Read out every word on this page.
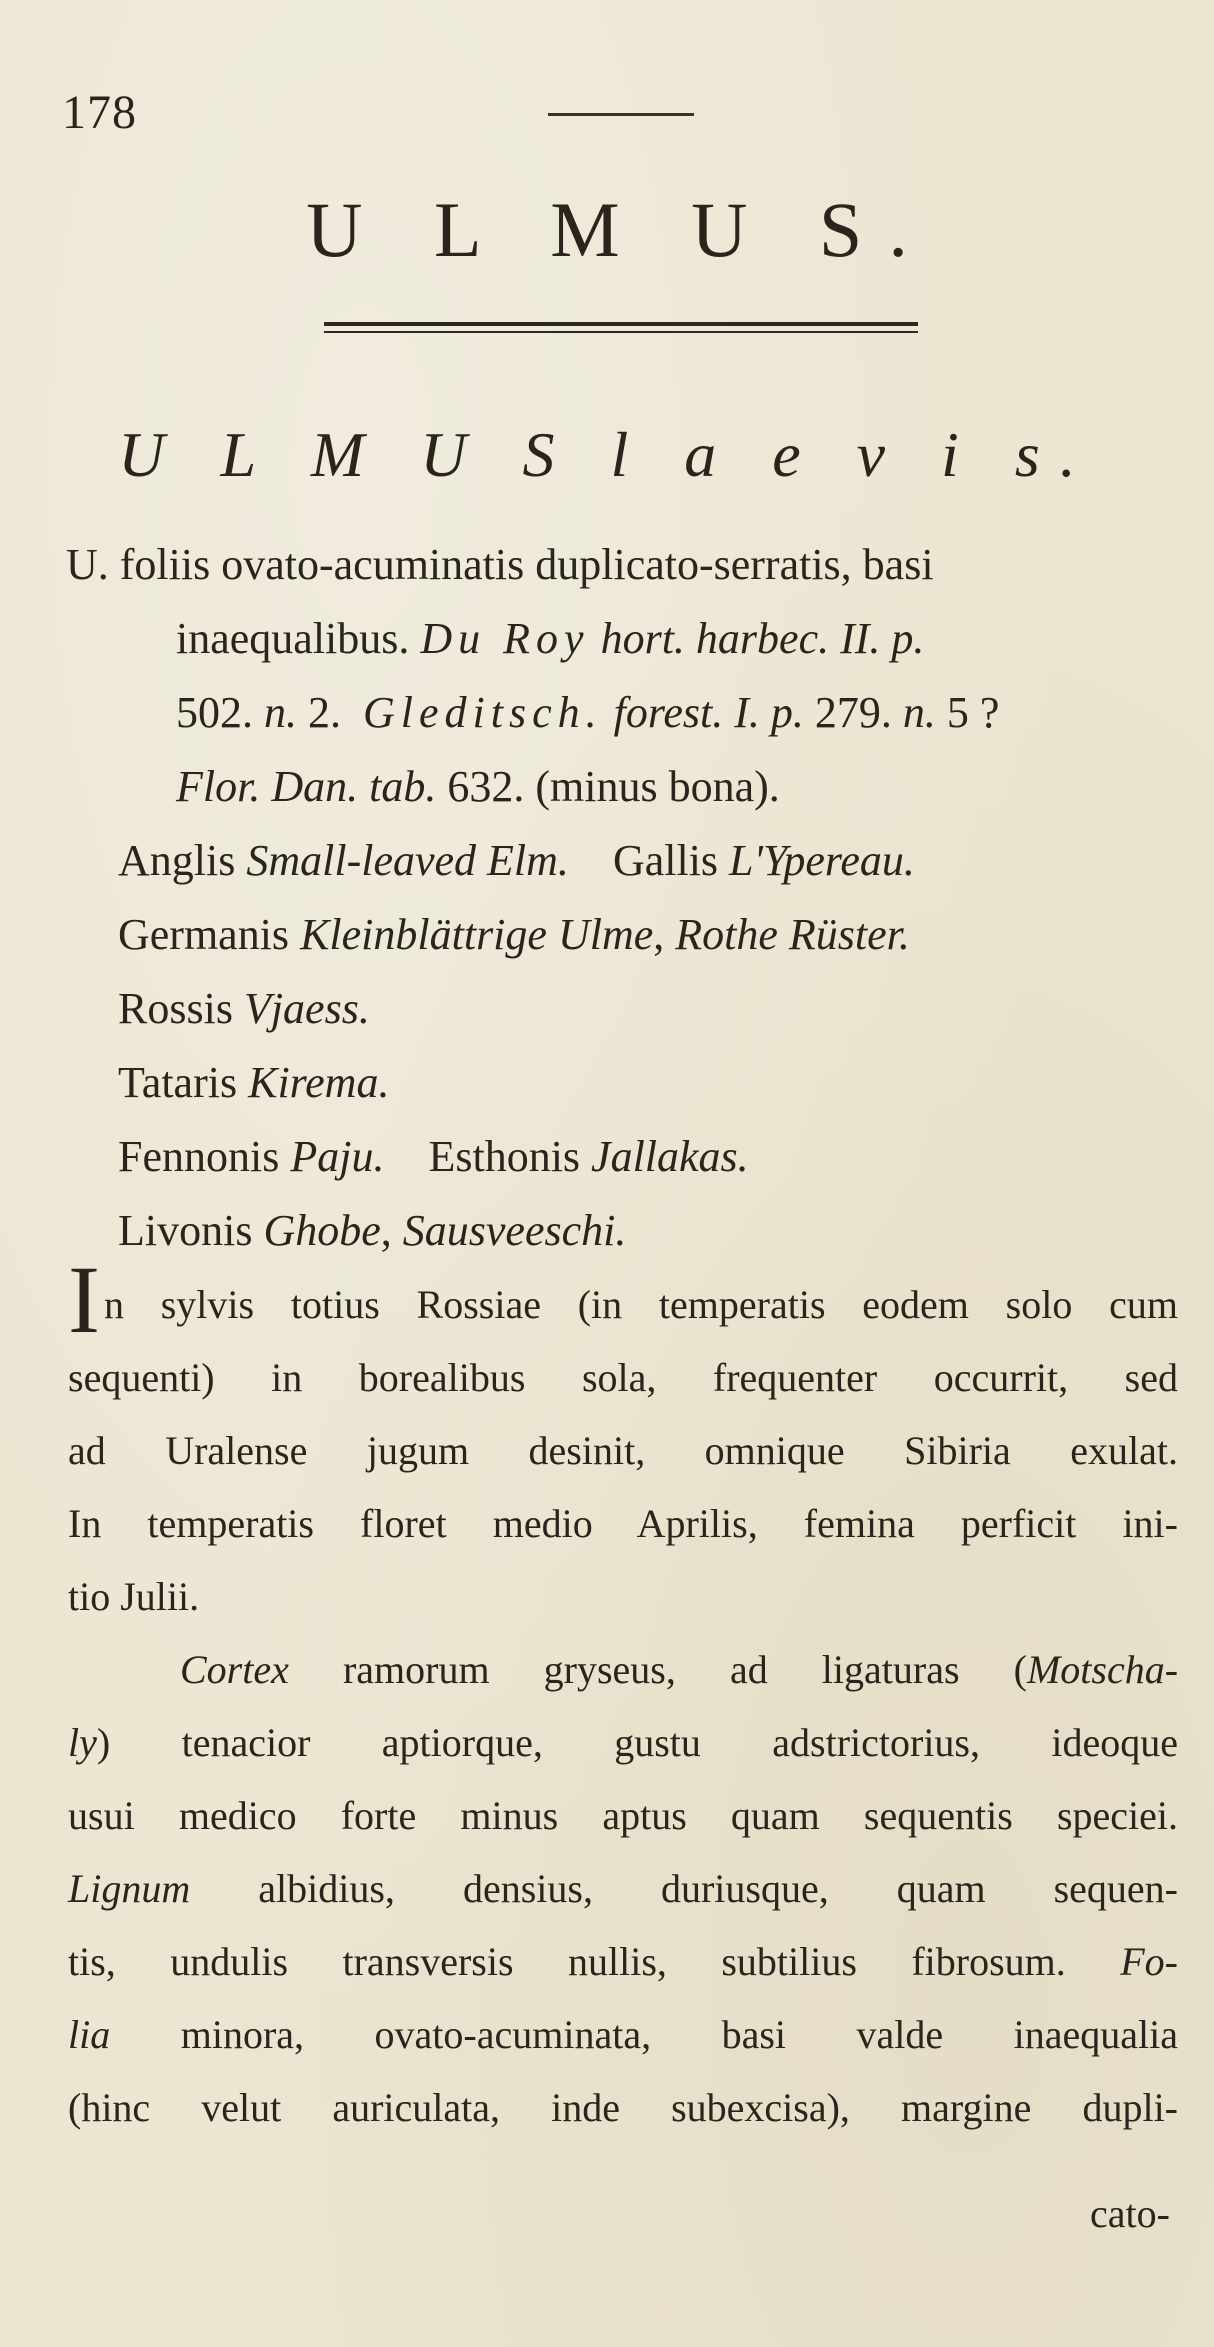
178
U L M U S.
U L M U S l a e v i s.
U. foliis ovato-acuminatis duplicato-serratis, basi
inaequalibus. Du Roy hort. harbec. II. p.
502. n. 2. Gleditsch. forest. I. p. 279. n. 5 ?
Flor. Dan. tab. 632. (minus bona).
Anglis Small-leaved Elm. Gallis L'Ypereau.
Germanis Kleinblättrige Ulme, Rothe Rüster.
Rossis Vjaess.
Tataris Kirema.
Fennonis Paju. Esthonis Jallakas.
Livonis Ghobe, Sausveeschi.
In sylvis totius Rossiae (in temperatis eodem solo cum
sequenti) in borealibus sola, frequenter occurrit, sed
ad Uralense jugum desinit, omnique Sibiria exulat.
In temperatis floret medio Aprilis, femina perficit ini-
tio Julii.
Cortex ramorum gryseus, ad ligaturas (Motscha-
ly) tenacior aptiorque, gustu adstrictorius, ideoque
usui medico forte minus aptus quam sequentis speciei.
Lignum albidius, densius, duriusque, quam sequen-
tis, undulis transversis nullis, subtilius fibrosum. Fo-
lia minora, ovato-acuminata, basi valde inaequalia
(hinc velut auriculata, inde subexcisa), margine dupli-
cato-
